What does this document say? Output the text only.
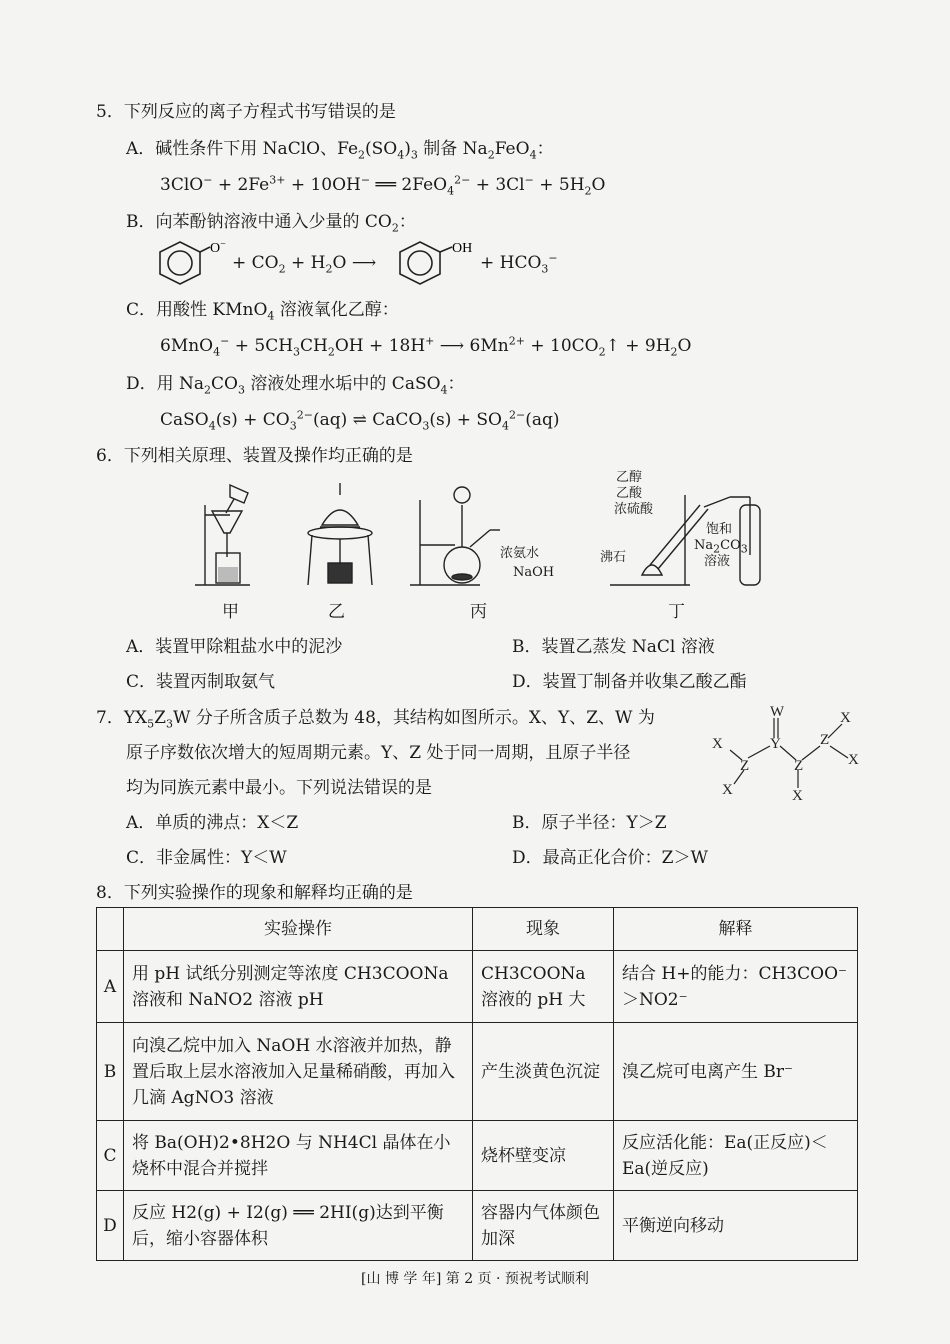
5．下列反应的离子方程式书写错误的是
A．碱性条件下用 NaClO、$Fe_2(SO_4)_3$ 制备 $Na_2FeO_4$：
$3ClO^- + 2Fe^{3+} + 10OH^-$ ══ $2FeO_4^{2-} + 3Cl^- + 5H_2O$
B．向苯酚钠溶液中通入少量的 $CO_2$：
O−	OH
+ $CO_2 + H_2O$ ⟶	+ $HCO_3^-$
C．用酸性 KMnO$_4$ 溶液氧化乙醇：
$6MnO_4^- + 5CH_3CH_2OH + 18H^+$ ⟶ $6Mn^{2+}$ + $10CO_2↑ + 9H_2O$
D．用 $Na_2CO_3$ 溶液处理水垢中的 CaSO$_4$：
CaSO$_4$(s) + $CO_3^{2-}(aq)$ ⇌ CaCO$_3$(s) + $SO_4^{2-}(aq)$
6．下列相关原理、装置及操作均正确的是
甲	乙	丙	丁
浓氨水
NaOH
乙醇
乙酸
浓硫酸
沸石
饱和
$Na_2CO_3$
溶液
A．装置甲除粗盐水中的泥沙	B．装置乙蒸发 NaCl 溶液
C．装置丙制取氨气	D．装置丁制备并收集乙酸乙酯
7．$YX_5Z_3W$ 分子所含质子总数为 48，其结构如图所示。X、Y、Z、W 为
原子序数依次增大的短周期元素。Y、Z 处于同一周期，且原子半径
均为同族元素中最小。下列说法错误的是
W
Y
Z	Z
Z
X
X	X
X
X
A．单质的沸点：X＜Z	B．原子半径：Y＞Z
C．非金属性：Y＜W	D．最高正化合价：Z＞W
8．下列实验操作的现象和解释均正确的是
	实验操作	现象	解释
A	用 pH 试纸分别测定等浓度 CH3COONa 溶液和 NaNO2 溶液 pH	CH3COONa 溶液的 pH 大	结合 H+的能力：CH3COO⁻＞NO2⁻
B	向溴乙烷中加入 NaOH 水溶液并加热，静置后取上层水溶液加入足量稀硝酸，再加入几滴 AgNO3 溶液	产生淡黄色沉淀	溴乙烷可电离产生 Br⁻
C	将 Ba(OH)2•8H2O 与 NH4Cl 晶体在小烧杯中混合并搅拌	烧杯壁变凉	反应活化能：Ea(正反应)＜Ea(逆反应)
D	反应 H2(g) + I2(g) ══ 2HI(g)达到平衡后，缩小容器体积	容器内气体颜色加深	平衡逆向移动
[山 博 学 年] 第 2 页 · 预祝考试顺利
